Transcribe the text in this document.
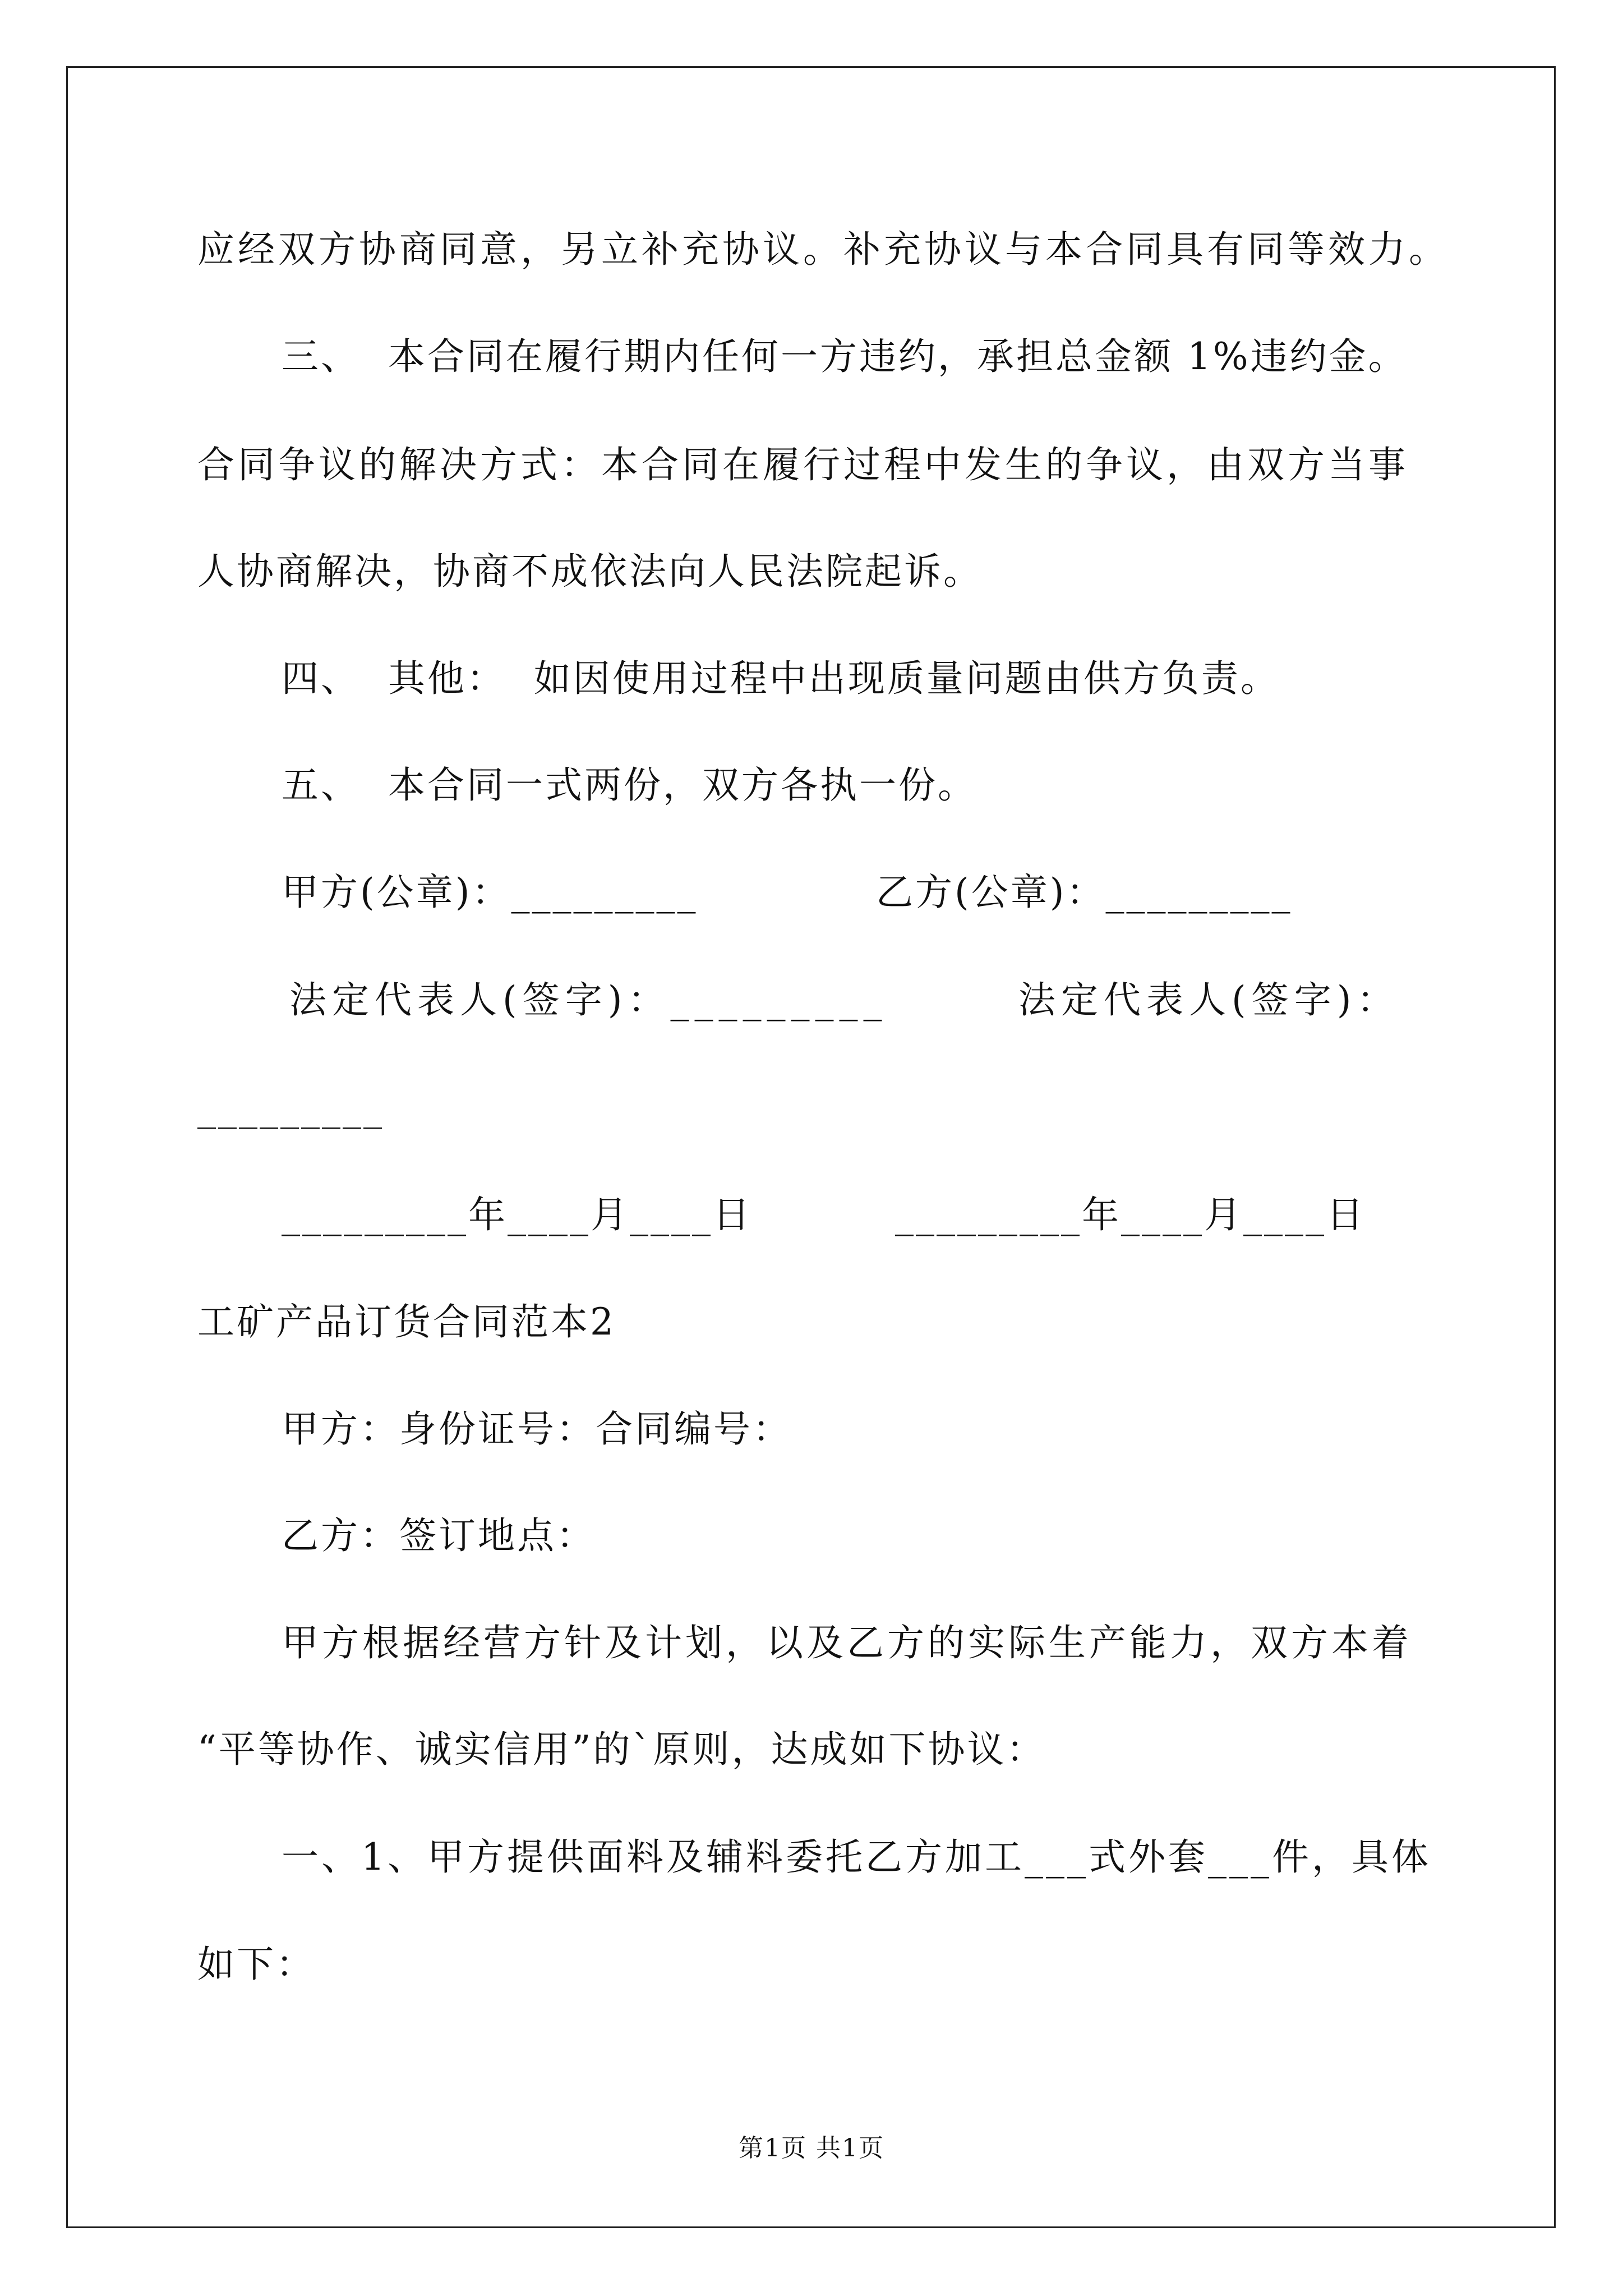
应经双方协商同意，另立补充协议。补充协议与本合同具有同等效力。
三、  本合同在履行期内任何一方违约，承担总金额 1%违约金。
合同争议的解决方式：本合同在履行过程中发生的争议，由双方当事
人协商解决，协商不成依法向人民法院起诉。
四、  其他：  如因使用过程中出现质量问题由供方负责。
五、  本合同一式两份，双方各执一份。
甲方(公章)：_________	乙方(公章)：_________
法定代表人(签字)：_________	法定代表人(签字)：
_________
_________年____月____日	_________年____月____日
工矿产品订货合同范本2
甲方：身份证号：合同编号：
乙方：签订地点：
甲方根据经营方针及计划，以及乙方的实际生产能力，双方本着
“平等协作、诚实信用”的`原则，达成如下协议：
一、1、甲方提供面料及辅料委托乙方加工___式外套___件，具体
如下：
第1页 共1页
